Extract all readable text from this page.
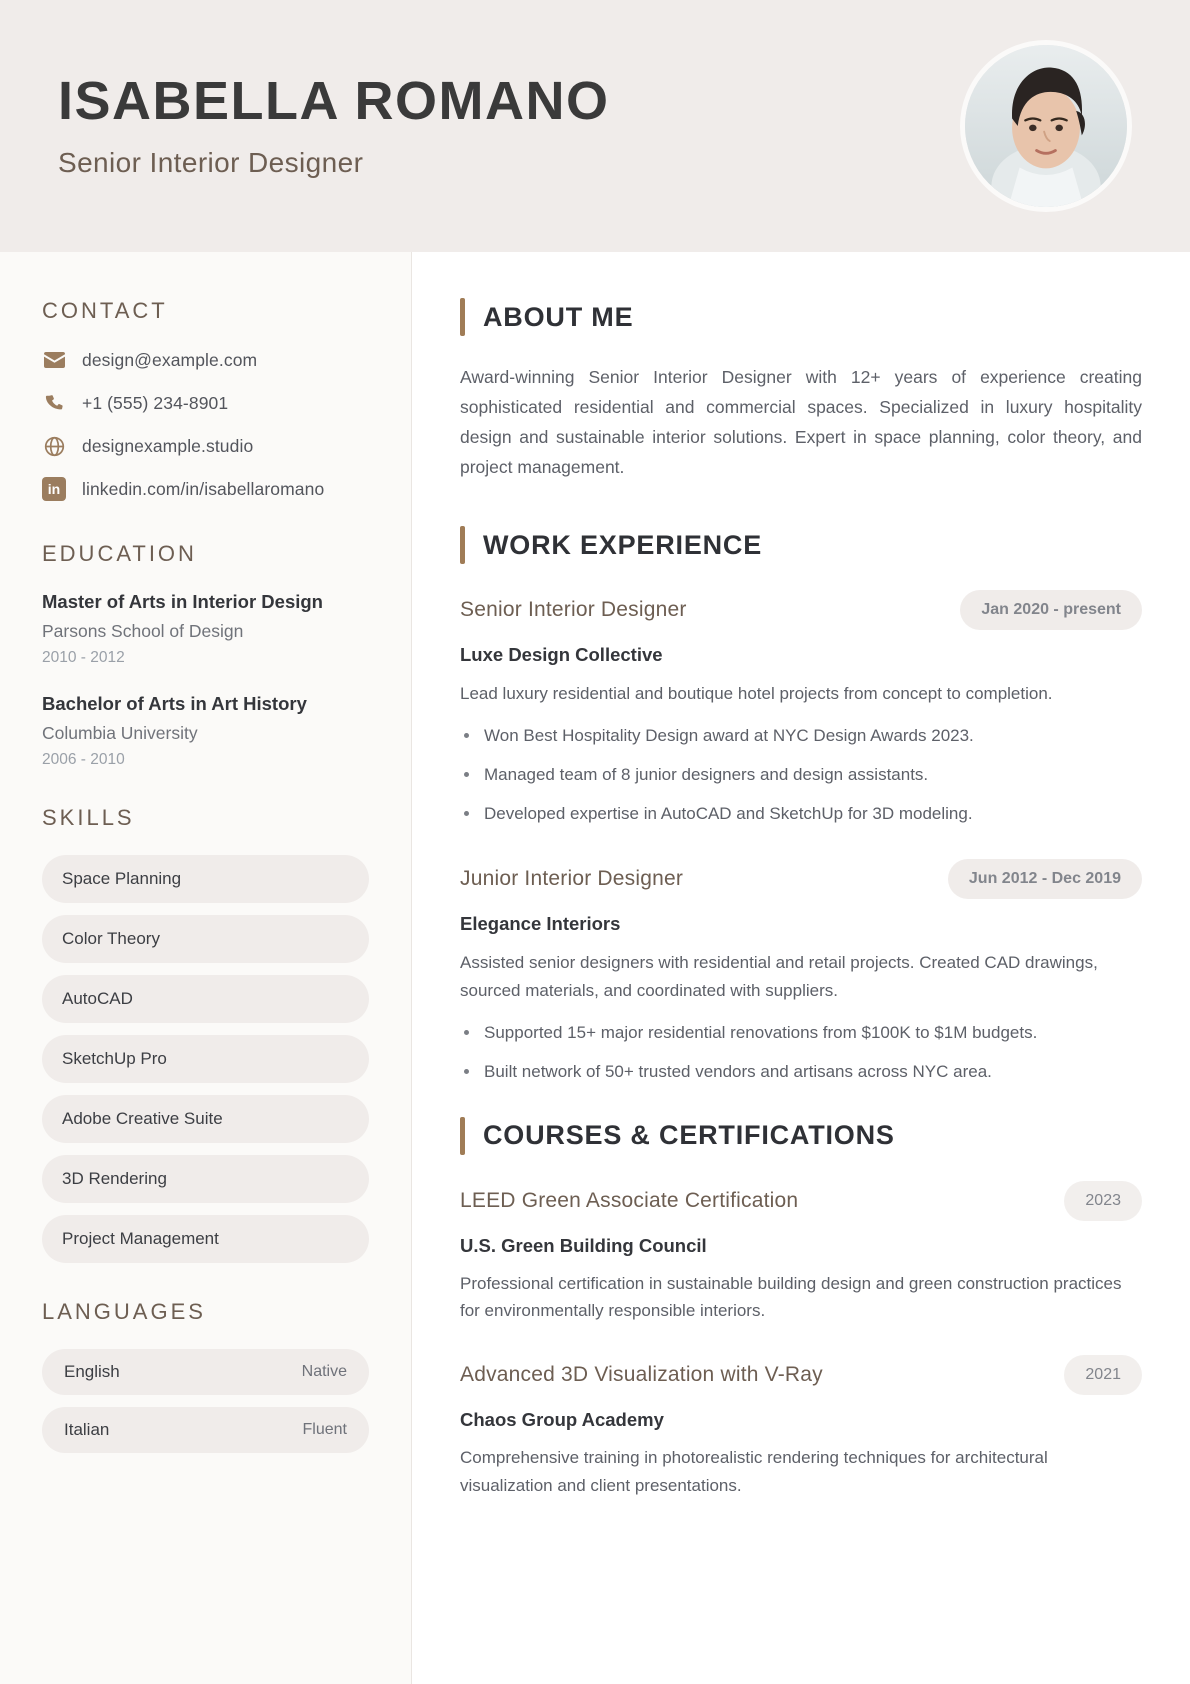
ISABELLA ROMANO
Senior Interior Designer
CONTACT
design@example.com
+1 (555) 234-8901
designexample.studio
in	linkedin.com/in/isabellaromano
EDUCATION
Master of Arts in Interior Design
Parsons School of Design
2010 - 2012
Bachelor of Arts in Art History
Columbia University
2006 - 2010
SKILLS
Space Planning
Color Theory
AutoCAD
SketchUp Pro
Adobe Creative Suite
3D Rendering
Project Management
LANGUAGES
English	Native
Italian	Fluent
ABOUT ME
Award-winning Senior Interior Designer with 12+ years of experience creating sophisticated residential and commercial spaces. Specialized in luxury hospitality design and sustainable interior solutions. Expert in space planning, color theory, and project management.
WORK EXPERIENCE
Senior Interior Designer	Jan 2020 - present
Luxe Design Collective
Lead luxury residential and boutique hotel projects from concept to completion.
Won Best Hospitality Design award at NYC Design Awards 2023.
Managed team of 8 junior designers and design assistants.
Developed expertise in AutoCAD and SketchUp for 3D modeling.
Junior Interior Designer	Jun 2012 - Dec 2019
Elegance Interiors
Assisted senior designers with residential and retail projects. Created CAD drawings, sourced materials, and coordinated with suppliers.
Supported 15+ major residential renovations from $100K to $1M budgets.
Built network of 50+ trusted vendors and artisans across NYC area.
COURSES & CERTIFICATIONS
LEED Green Associate Certification	2023
U.S. Green Building Council
Professional certification in sustainable building design and green construction practices for environmentally responsible interiors.
Advanced 3D Visualization with V-Ray	2021
Chaos Group Academy
Comprehensive training in photorealistic rendering techniques for architectural visualization and client presentations.
